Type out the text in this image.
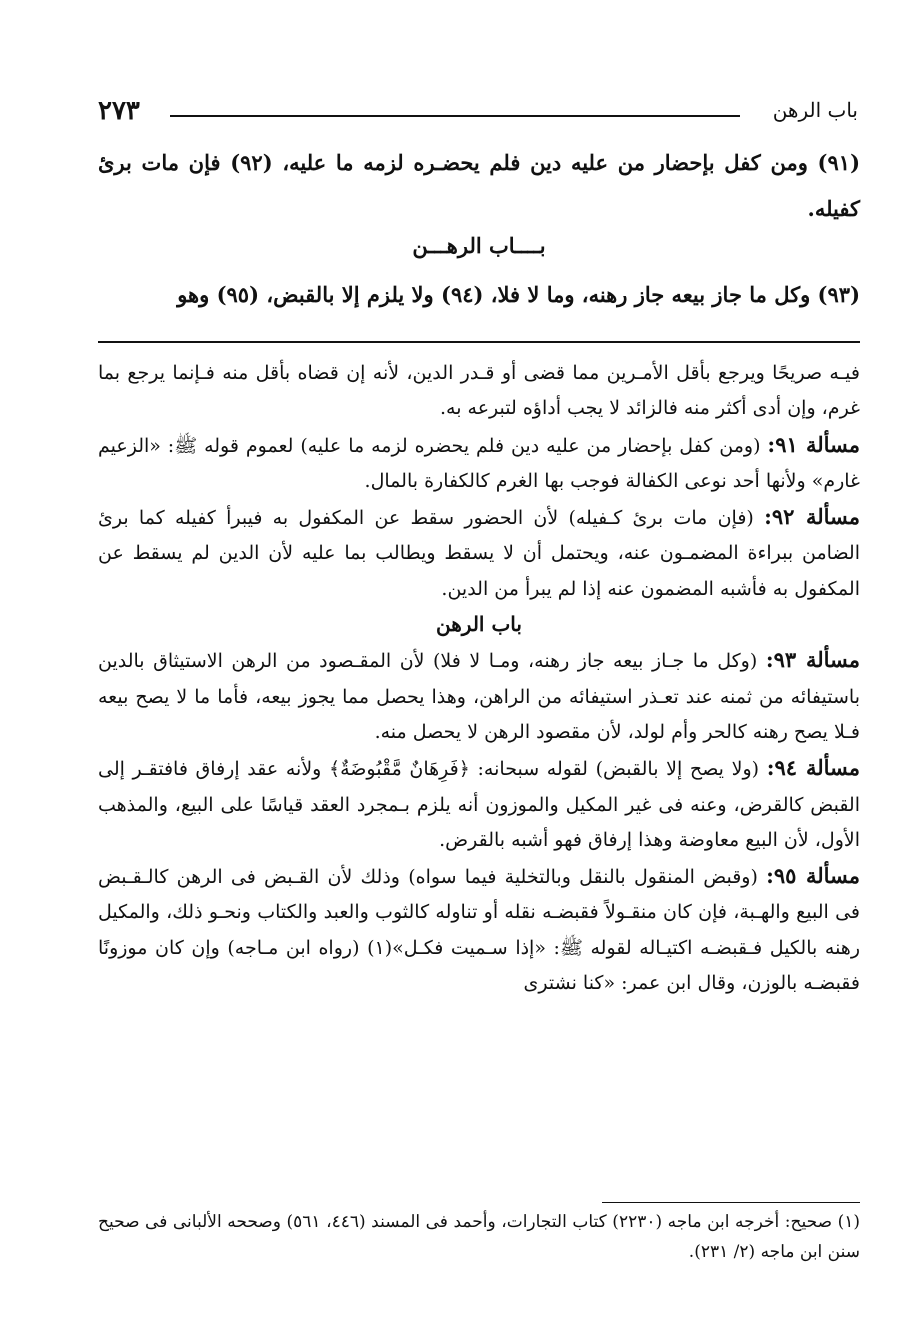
باب الرهن
٢٧٣

(٩١) ومن كفل بإحضار من عليه دين فلم يحضـره لزمه ما عليه، (٩٢) فإن مات برئ كفيله.

بــــاب الرهـــن

(٩٣) وكل ما جاز بيعه جاز رهنه، وما لا فلا، (٩٤) ولا يلزم إلا بالقبض، (٩٥) وهو

فيـه صريحًا ويرجع بأقل الأمـرين مما قضى أو قـدر الدين، لأنه إن قضاه بأقل منه فـإنما يرجع بما غرم، وإن أدى أكثر منه فالزائد لا يجب أداؤه لتبرعه به.

مسألة ٩١: (ومن كفل بإحضار من عليه دين فلم يحضره لزمه ما عليه) لعموم قوله ﷺ: «الزعيم غارم» ولأنها أحد نوعى الكفالة فوجب بها الغرم كالكفارة بالمال.

مسألة ٩٢: (فإن مات برئ كـفيله) لأن الحضور سقط عن المكفول به فيبرأ كفيله كما برئ الضامن ببراءة المضمـون عنه، ويحتمل أن لا يسقط ويطالب بما عليه لأن الدين لم يسقط عن المكفول به فأشبه المضمون عنه إذا لم يبرأ من الدين.

باب الرهن

مسألة ٩٣: (وكل ما جـاز بيعه جاز رهنه، ومـا لا فلا) لأن المقـصود من الرهن الاستيثاق بالدين باستيفائه من ثمنه عند تعـذر استيفائه من الراهن، وهذا يحصل مما يجوز بيعه، فأما ما لا يصح بيعه فـلا يصح رهنه كالحر وأم لولد، لأن مقصود الرهن لا يحصل منه.

مسألة ٩٤: (ولا يصح إلا بالقبض) لقوله سبحانه: ﴿فَرِهَانٌ مَّقْبُوضَةٌ﴾ ولأنه عقد إرفاق فافتقـر إلى القبض كالقرض، وعنه فى غير المكيل والموزون أنه يلزم بـمجرد العقد قياسًا على البيع، والمذهب الأول، لأن البيع معاوضة وهذا إرفاق فهو أشبه بالقرض.

مسألة ٩٥: (وقبض المنقول بالنقل وبالتخلية فيما سواه) وذلك لأن القـبض فى الرهن كالـقـبض فى البيع والهـبة، فإن كان منقـولاً فقبضـه نقله أو تناوله كالثوب والعبد والكتاب ونحـو ذلك، والمكيل رهنه بالكيل فـقبضـه اكتيـاله لقوله ﷺ: «إذا سـميت فكـل»(١) (رواه ابن مـاجه) وإن كان موزونًا فقبضـه بالوزن، وقال ابن عمر: «كنا نشترى

(١) صحيح: أخرجه ابن ماجه (٢٢٣٠) كتاب التجارات، وأحمد فى المسند (٤٤٦، ٥٦١) وصححه الألبانى فى صحيح سنن ابن ماجه (٢/ ٢٣١).
